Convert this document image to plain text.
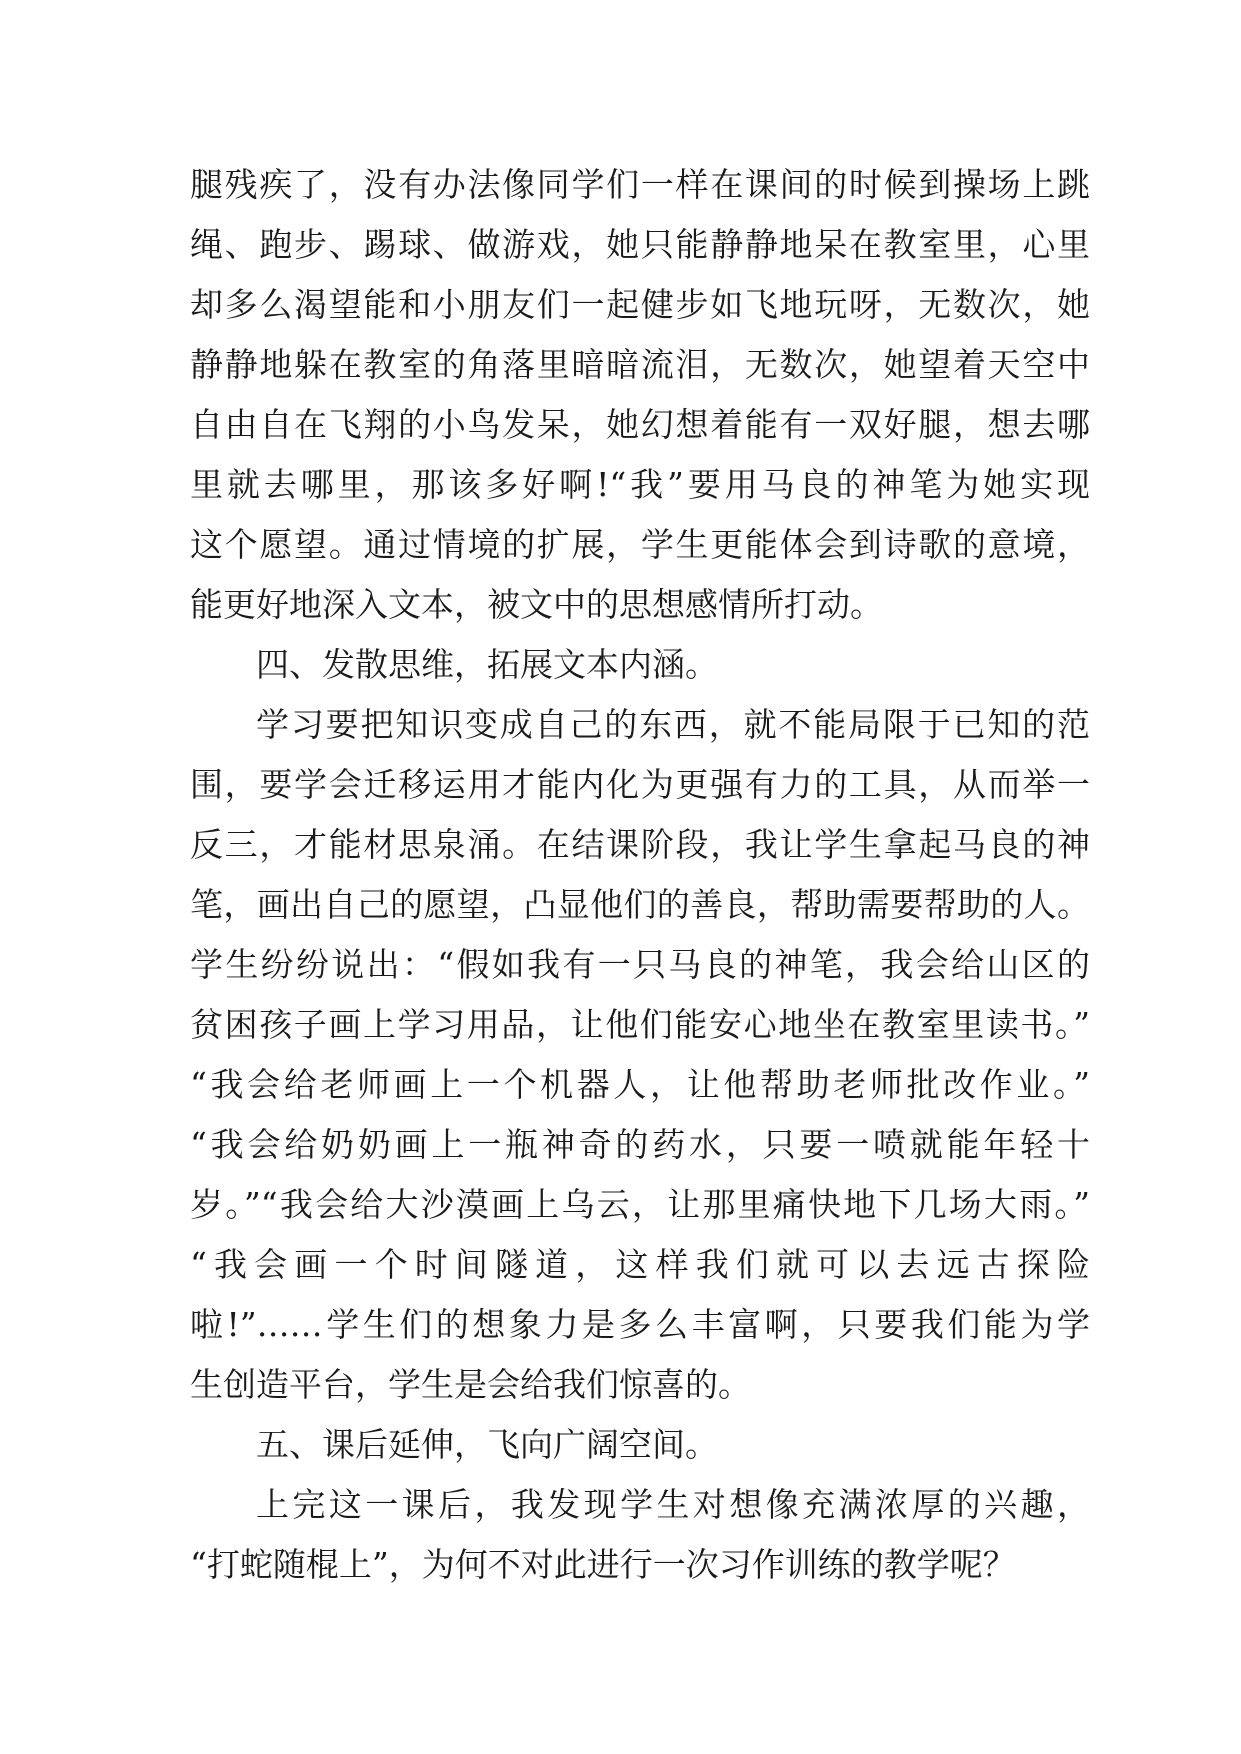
腿残疾了，没有办法像同学们一样在课间的时候到操场上跳
绳、跑步、踢球、做游戏，她只能静静地呆在教室里，心里
却多么渴望能和小朋友们一起健步如飞地玩呀，无数次，她
静静地躲在教室的角落里暗暗流泪，无数次，她望着天空中
自由自在飞翔的小鸟发呆，她幻想着能有一双好腿，想去哪
里就去哪里，那该多好啊!“我”要用马良的神笔为她实现
这个愿望。通过情境的扩展，学生更能体会到诗歌的意境，
能更好地深入文本，被文中的思想感情所打动。
四、发散思维，拓展文本内涵。
学习要把知识变成自己的东西，就不能局限于已知的范
围，要学会迁移运用才能内化为更强有力的工具，从而举一
反三，才能材思泉涌。在结课阶段，我让学生拿起马良的神
笔，画出自己的愿望，凸显他们的善良，帮助需要帮助的人。
学生纷纷说出：“假如我有一只马良的神笔，我会给山区的
贫困孩子画上学习用品，让他们能安心地坐在教室里读书。”
“我会给老师画上一个机器人，让他帮助老师批改作业。”
“我会给奶奶画上一瓶神奇的药水，只要一喷就能年轻十
岁。”“我会给大沙漠画上乌云，让那里痛快地下几场大雨。”
“我会画一个时间隧道，这样我们就可以去远古探险
啦!”……学生们的想象力是多么丰富啊，只要我们能为学
生创造平台，学生是会给我们惊喜的。
五、课后延伸，飞向广阔空间。
上完这一课后，我发现学生对想像充满浓厚的兴趣，
“打蛇随棍上”，为何不对此进行一次习作训练的教学呢？
